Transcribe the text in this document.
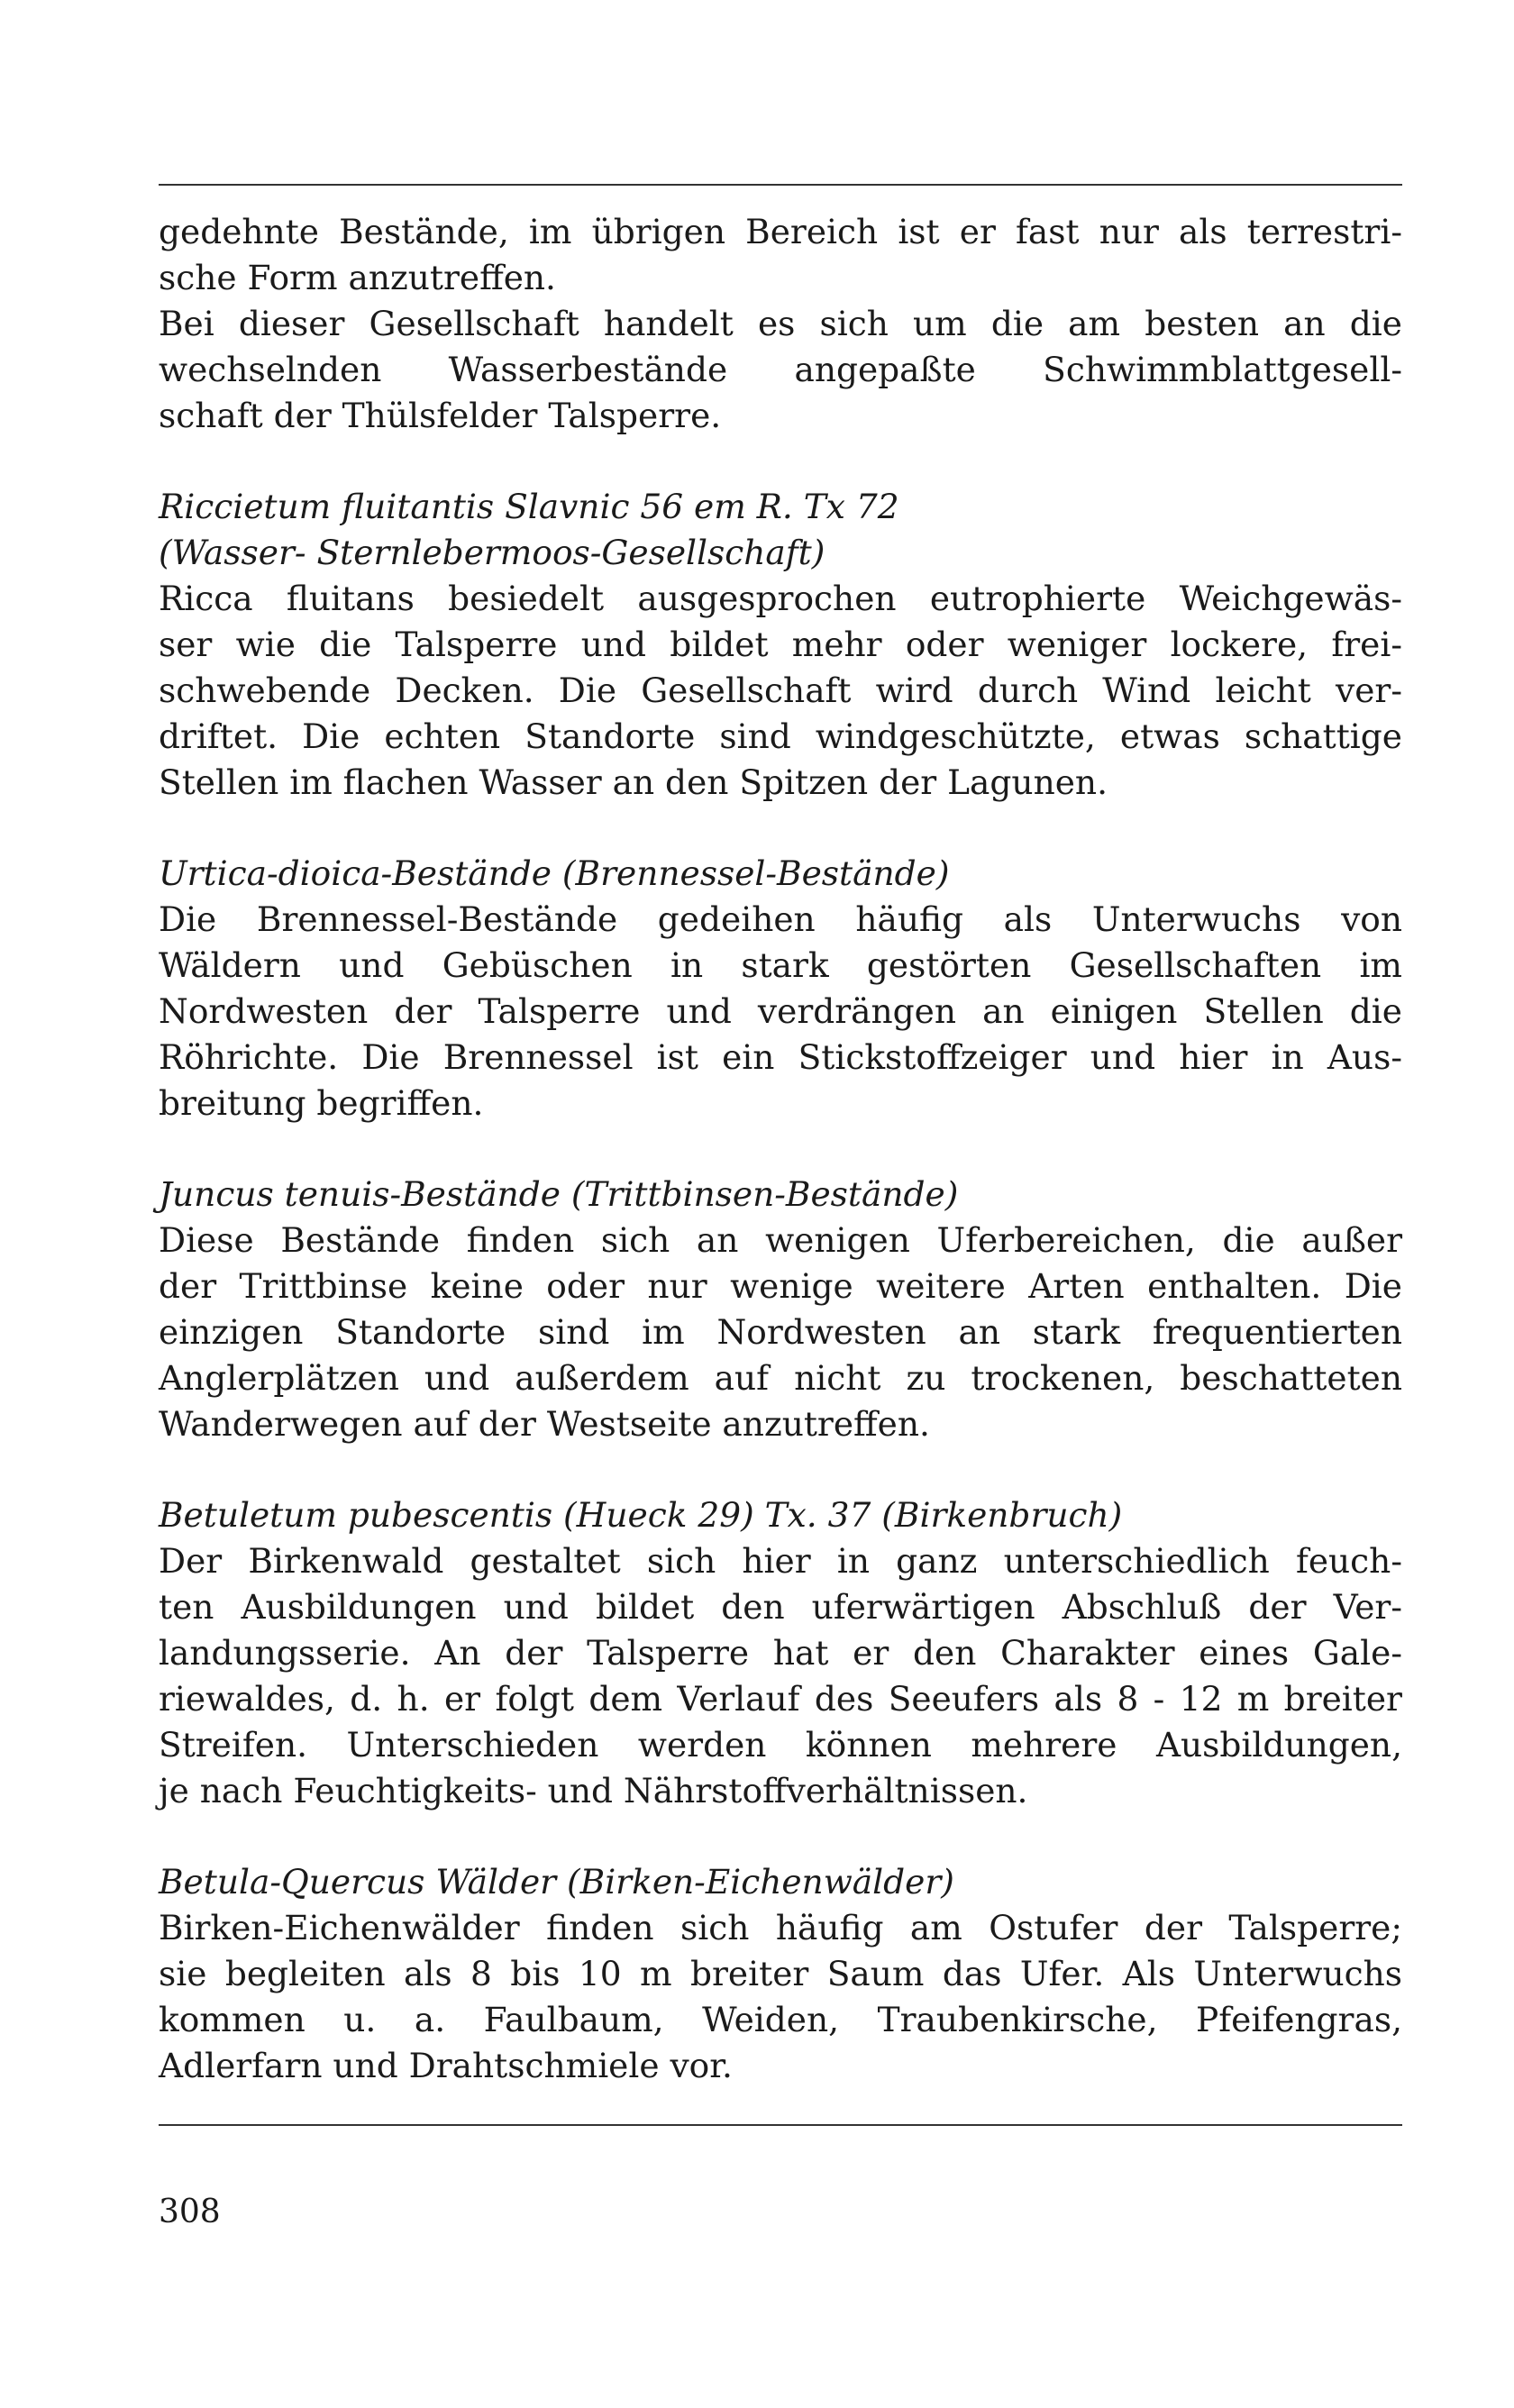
gedehnte Bestände, im übrigen Bereich ist er fast nur als terrestri-
sche Form anzutreffen.
Bei dieser Gesellschaft handelt es sich um die am besten an die
wechselnden Wasserbestände angepaßte Schwimmblattgesell-
schaft der Thülsfelder Talsperre.
Riccietum fluitantis Slavnic 56 em R. Tx 72
(Wasser- Sternlebermoos-Gesellschaft)
Ricca fluitans besiedelt ausgesprochen eutrophierte Weichgewäs-
ser wie die Talsperre und bildet mehr oder weniger lockere, frei-
schwebende Decken. Die Gesellschaft wird durch Wind leicht ver-
driftet. Die echten Standorte sind windgeschützte, etwas schattige
Stellen im flachen Wasser an den Spitzen der Lagunen.
Urtica-dioica-Bestände (Brennessel-Bestände)
Die Brennessel-Bestände gedeihen häufig als Unterwuchs von
Wäldern und Gebüschen in stark gestörten Gesellschaften im
Nordwesten der Talsperre und verdrängen an einigen Stellen die
Röhrichte. Die Brennessel ist ein Stickstoffzeiger und hier in Aus-
breitung begriffen.
Juncus tenuis-Bestände (Trittbinsen-Bestände)
Diese Bestände finden sich an wenigen Uferbereichen, die außer
der Trittbinse keine oder nur wenige weitere Arten enthalten. Die
einzigen Standorte sind im Nordwesten an stark frequentierten
Anglerplätzen und außerdem auf nicht zu trockenen, beschatteten
Wanderwegen auf der Westseite anzutreffen.
Betuletum pubescentis (Hueck 29) Tx. 37 (Birkenbruch)
Der Birkenwald gestaltet sich hier in ganz unterschiedlich feuch-
ten Ausbildungen und bildet den uferwärtigen Abschluß der Ver-
landungsserie. An der Talsperre hat er den Charakter eines Gale-
riewaldes, d. h. er folgt dem Verlauf des Seeufers als 8 - 12 m breiter
Streifen. Unterschieden werden können mehrere Ausbildungen,
je nach Feuchtigkeits- und Nährstoffverhältnissen.
Betula-Quercus Wälder (Birken-Eichenwälder)
Birken-Eichenwälder finden sich häufig am Ostufer der Talsperre;
sie begleiten als 8 bis 10 m breiter Saum das Ufer. Als Unterwuchs
kommen u. a. Faulbaum, Weiden, Traubenkirsche, Pfeifengras,
Adlerfarn und Drahtschmiele vor.
308
